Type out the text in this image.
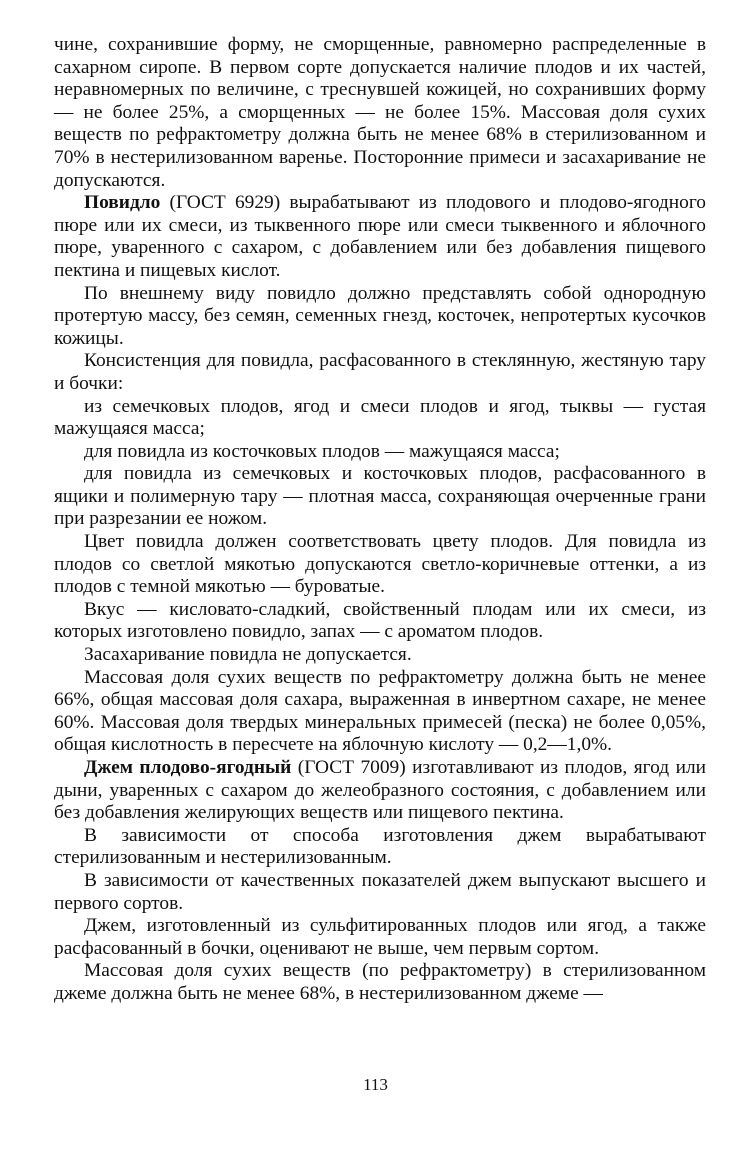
чине, сохранившие форму, не сморщенные, равномерно распределенные в сахарном сиропе. В первом сорте допускается наличие плодов и их частей, неравномерных по величине, с треснувшей кожицей, но сохранивших форму — не более 25%, а сморщенных — не более 15%. Массовая доля сухих веществ по рефрактометру должна быть не менее 68% в стерилизованном и 70% в нестерилизованном варенье. Посторонние примеси и засахаривание не допускаются.

Повидло (ГОСТ 6929) вырабатывают из плодового и плодово-ягодного пюре или их смеси, из тыквенного пюре или смеси тыквенного и яблочного пюре, уваренного с сахаром, с добавлением или без добавления пищевого пектина и пищевых кислот.

По внешнему виду повидло должно представлять собой однородную протертую массу, без семян, семенных гнезд, косточек, непротертых кусочков кожицы.

Консистенция для повидла, расфасованного в стеклянную, жестяную тару и бочки:

из семечковых плодов, ягод и смеси плодов и ягод, тыквы — густая мажущаяся масса;

для повидла из косточковых плодов — мажущаяся масса;

для повидла из семечковых и косточковых плодов, расфасованного в ящики и полимерную тару — плотная масса, сохраняющая очерченные грани при разрезании ее ножом.

Цвет повидла должен соответствовать цвету плодов. Для повидла из плодов со светлой мякотью допускаются светло-коричневые оттенки, а из плодов с темной мякотью — буроватые.

Вкус — кисловато-сладкий, свойственный плодам или их смеси, из которых изготовлено повидло, запах — с ароматом плодов.

Засахаривание повидла не допускается.

Массовая доля сухих веществ по рефрактометру должна быть не менее 66%, общая массовая доля сахара, выраженная в инвертном сахаре, не менее 60%. Массовая доля твердых минеральных примесей (песка) не более 0,05%, общая кислотность в пересчете на яблочную кислоту — 0,2—1,0%.

Джем плодово-ягодный (ГОСТ 7009) изготавливают из плодов, ягод или дыни, уваренных с сахаром до желеобразного состояния, с добавлением или без добавления желирующих веществ или пищевого пектина.

В зависимости от способа изготовления джем вырабатывают стерилизованным и нестерилизованным.

В зависимости от качественных показателей джем выпускают высшего и первого сортов.

Джем, изготовленный из сульфитированных плодов или ягод, а также расфасованный в бочки, оценивают не выше, чем первым сортом.

Массовая доля сухих веществ (по рефрактометру) в стерилизованном джеме должна быть не менее 68%, в нестерилизованном джеме —

113
